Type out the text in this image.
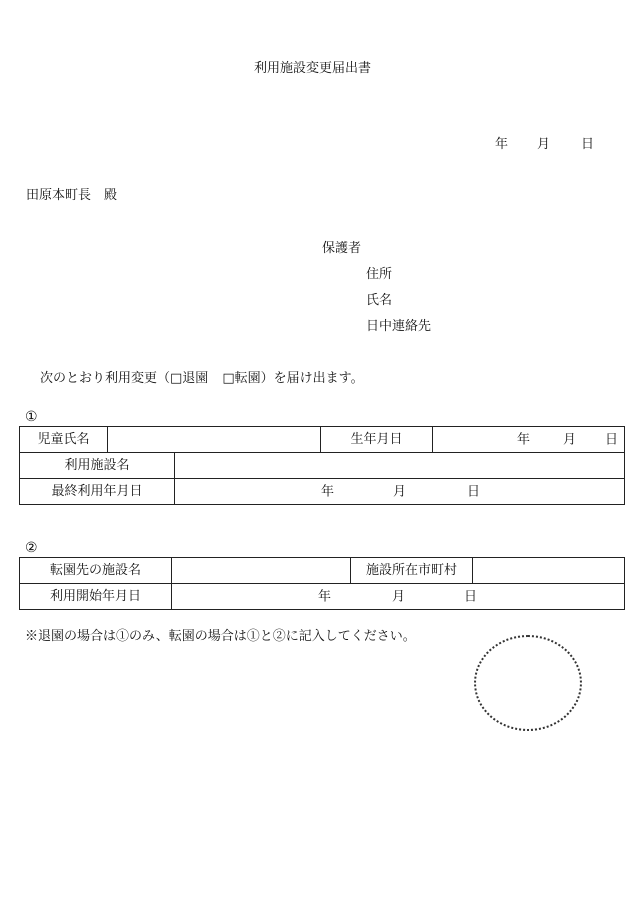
利用施設変更届出書
年 月 日
田原本町長　殿
保護者
住所
氏名
日中連絡先
次のとおり利用変更（□退園 □転園）を届け出ます。
①
児童氏名			生年月日	年 月 日

利用施設名				
最終利用年月日		年 月 日		
②
転園先の施設名		施設所在市町村	
利用開始年月日	年 月 日		
※退園の場合は①のみ、転園の場合は①と②に記入してください。
